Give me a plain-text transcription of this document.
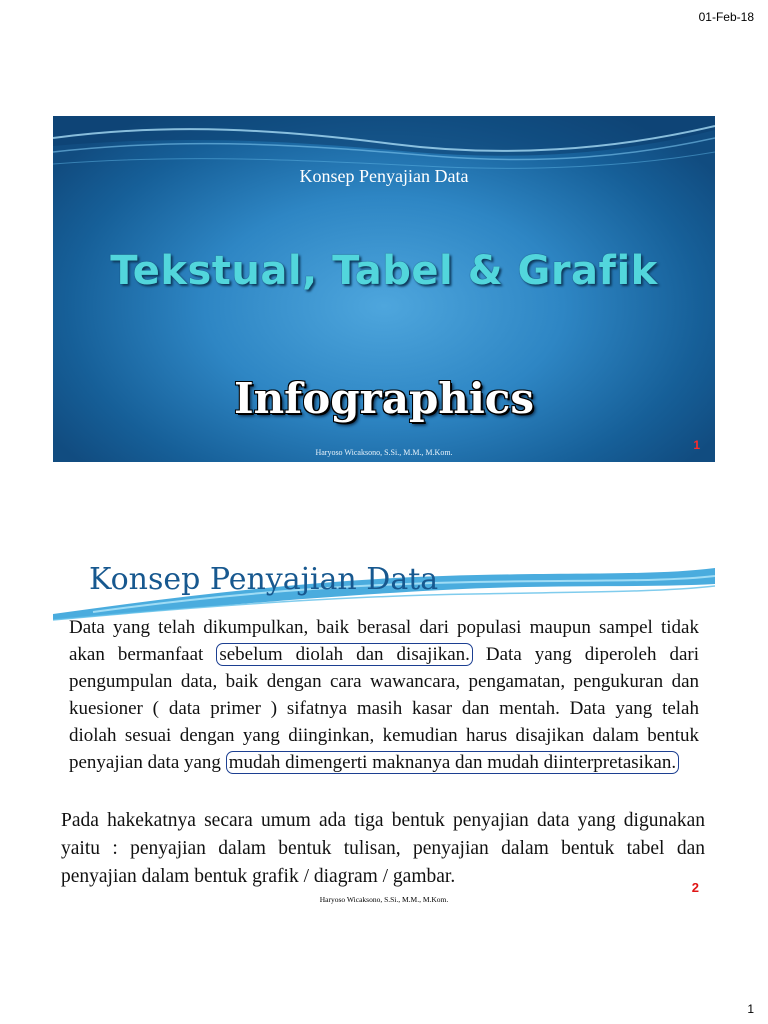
01-Feb-18
Konsep Penyajian Data
Tekstual, Tabel & Grafik
Infographics
Haryoso Wicaksono, S.Si., M.M., M.Kom.
1
Konsep Penyajian Data
Data yang telah dikumpulkan, baik berasal dari populasi maupun sampel tidak
akan bermanfaat sebelum diolah dan disajikan. Data yang diperoleh dari
pengumpulan data, baik dengan cara wawancara, pengamatan, pengukuran dan
kuesioner ( data primer ) sifatnya masih kasar dan mentah. Data yang telah
diolah sesuai dengan yang diinginkan, kemudian harus disajikan dalam bentuk
penyajian data yang mudah dimengerti maknanya dan mudah diinterpretasikan.
Pada hakekatnya secara umum ada tiga bentuk penyajian data yang digunakan yaitu : penyajian dalam bentuk tulisan, penyajian dalam bentuk tabel dan penyajian dalam bentuk grafik / diagram / gambar.
Haryoso Wicaksono, S.Si., M.M., M.Kom.
2
1
